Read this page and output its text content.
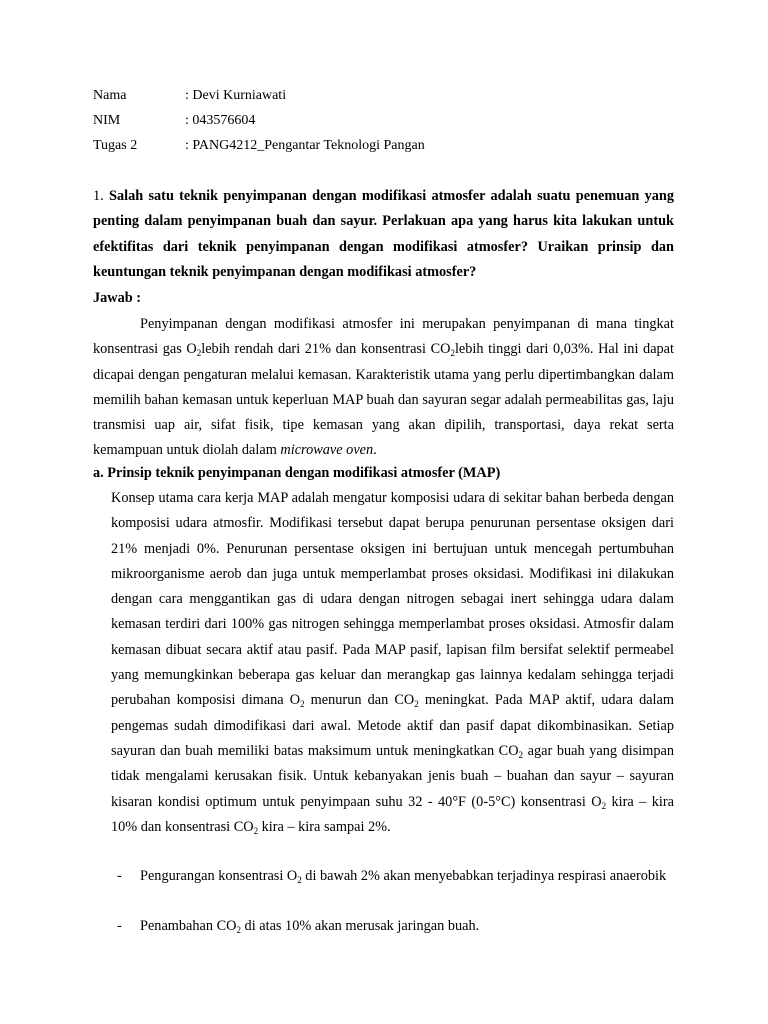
Nama	: Devi Kurniawati
NIM	: 043576604
Tugas 2	: PANG4212_Pengantar Teknologi Pangan
1. Salah satu teknik penyimpanan dengan modifikasi atmosfer adalah suatu penemuan yang penting dalam penyimpanan buah dan sayur. Perlakuan apa yang harus kita lakukan untuk efektifitas dari teknik penyimpanan dengan modifikasi atmosfer? Uraikan prinsip dan keuntungan teknik penyimpanan dengan modifikasi atmosfer?
Jawab :
Penyimpanan dengan modifikasi atmosfer ini merupakan penyimpanan di mana tingkat konsentrasi gas $O_2lebih$ rendah dari 21% dan konsentrasi $CO_2lebih$ tinggi dari 0,03%. Hal ini dapat dicapai dengan pengaturan melalui kemasan. Karakteristik utama yang perlu dipertimbangkan dalam memilih bahan kemasan untuk keperluan MAP buah dan sayuran segar adalah permeabilitas gas, laju transmisi uap air, sifat fisik, tipe kemasan yang akan dipilih, transportasi, daya rekat serta kemampuan untuk diolah dalam microwave oven.
a. Prinsip teknik penyimpanan dengan modifikasi atmosfer (MAP)
Konsep utama cara kerja MAP adalah mengatur komposisi udara di sekitar bahan berbeda dengan komposisi udara atmosfir. Modifikasi tersebut dapat berupa penurunan persentase oksigen dari 21% menjadi 0%. Penurunan persentase oksigen ini bertujuan untuk mencegah pertumbuhan mikroorganisme aerob dan juga untuk memperlambat proses oksidasi. Modifikasi ini dilakukan dengan cara menggantikan gas di udara dengan nitrogen sebagai inert sehingga udara dalam kemasan terdiri dari 100% gas nitrogen sehingga memperlambat proses oksidasi. Atmosfir dalam kemasan dibuat secara aktif atau pasif. Pada MAP pasif, lapisan film bersifat selektif permeabel yang memungkinkan beberapa gas keluar dan merangkap gas lainnya kedalam sehingga terjadi perubahan komposisi dimana $O_2$ menurun dan $CO_2$ meningkat. Pada MAP aktif, udara dalam pengemas sudah dimodifikasi dari awal. Metode aktif dan pasif dapat dikombinasikan. Setiap sayuran dan buah memiliki batas maksimum untuk meningkatkan $CO_2$ agar buah yang disimpan tidak mengalami kerusakan fisik. Untuk kebanyakan jenis buah – buahan dan sayur – sayuran kisaran kondisi optimum untuk penyimpaan suhu 32 - 40°F (0-5°C) konsentrasi $O_2$ kira – kira 10% dan konsentrasi $CO_2$ kira – kira sampai 2%.
- Pengurangan konsentrasi $O_2$ di bawah 2% akan menyebabkan terjadinya respirasi anaerobik
- Penambahan $CO_2$ di atas 10% akan merusak jaringan buah.
